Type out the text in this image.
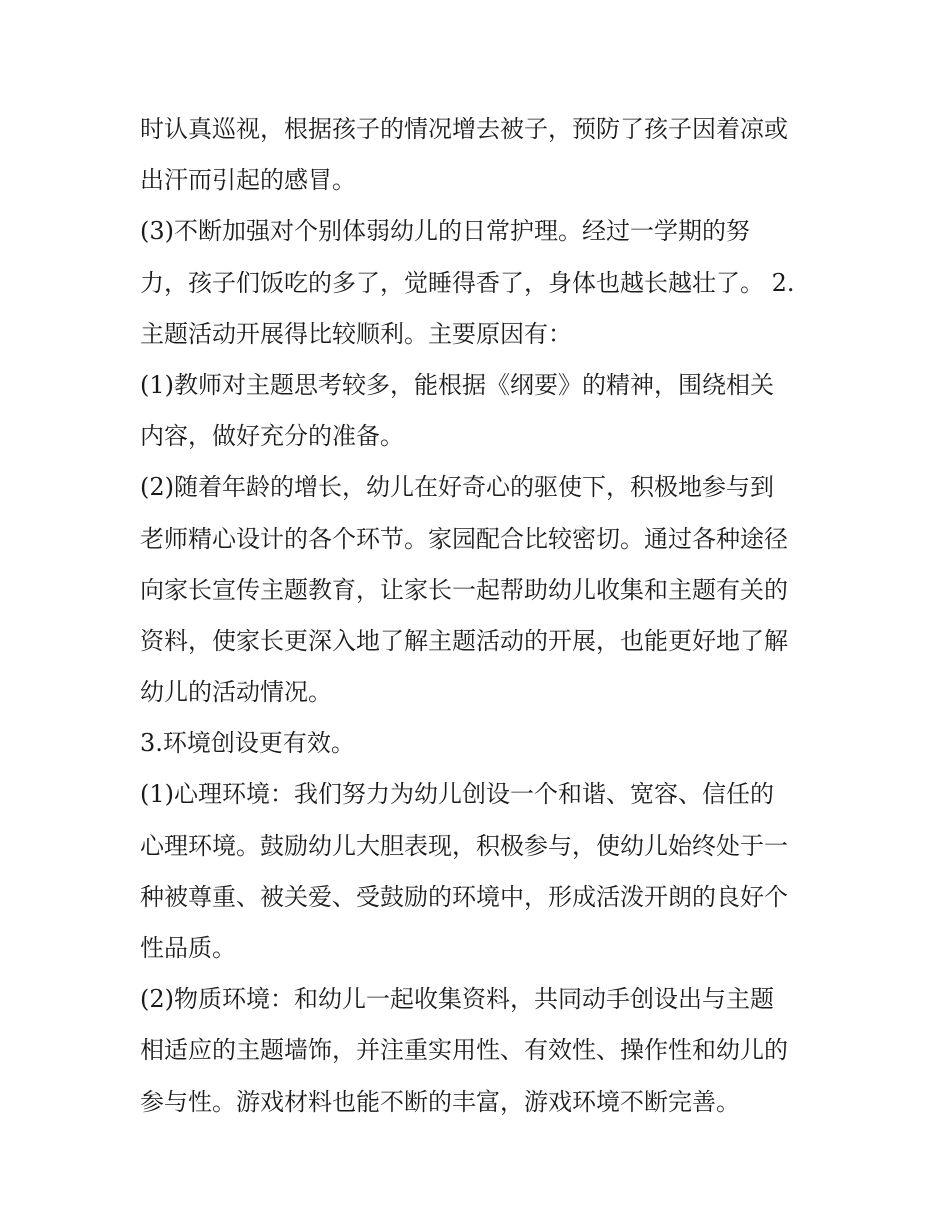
时认真巡视，根据孩子的情况增去被子，预防了孩子因着凉或
出汗而引起的感冒。
(3)不断加强对个别体弱幼儿的日常护理。经过一学期的努
力，孩子们饭吃的多了，觉睡得香了，身体也越长越壮了。 2.
主题活动开展得比较顺利。主要原因有：
(1)教师对主题思考较多，能根据《纲要》的精神，围绕相关
内容，做好充分的准备。
(2)随着年龄的增长，幼儿在好奇心的驱使下，积极地参与到
老师精心设计的各个环节。家园配合比较密切。通过各种途径
向家长宣传主题教育，让家长一起帮助幼儿收集和主题有关的
资料，使家长更深入地了解主题活动的开展，也能更好地了解
幼儿的活动情况。
3.环境创设更有效。
(1)心理环境：我们努力为幼儿创设一个和谐、宽容、信任的
心理环境。鼓励幼儿大胆表现，积极参与，使幼儿始终处于一
种被尊重、被关爱、受鼓励的环境中，形成活泼开朗的良好个
性品质。
(2)物质环境：和幼儿一起收集资料，共同动手创设出与主题
相适应的主题墙饰，并注重实用性、有效性、操作性和幼儿的
参与性。游戏材料也能不断的丰富，游戏环境不断完善。
